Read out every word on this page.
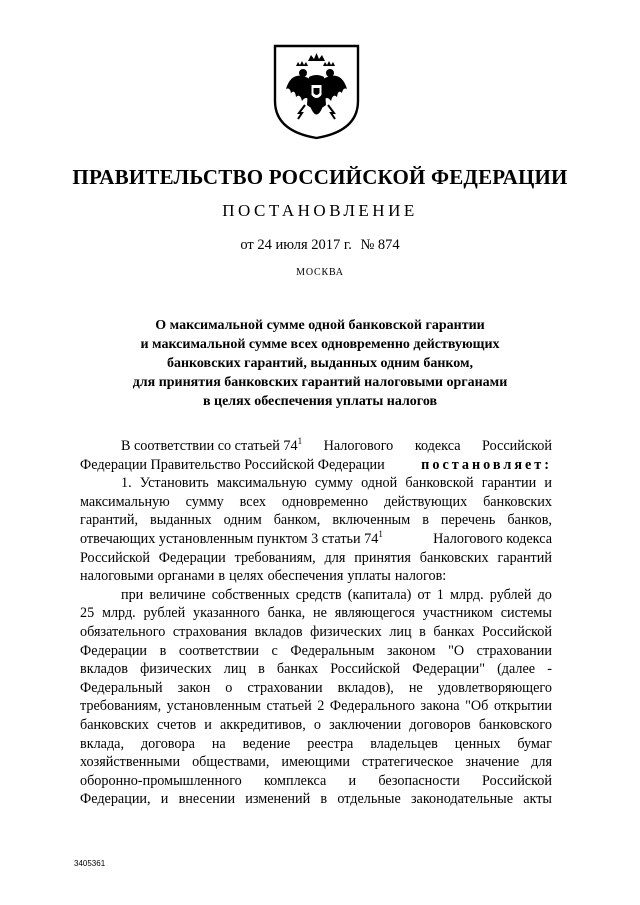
ПРАВИТЕЛЬСТВО РОССИЙСКОЙ ФЕДЕРАЦИИ
ПОСТАНОВЛЕНИЕ
от 24 июля 2017 г. № 874
МОСКВА
О максимальной сумме одной банковской гарантии
и максимальной сумме всех одновременно действующих
банковских гарантий, выданных одним банком,
для принятия банковских гарантий налоговыми органами
в целях обеспечения уплаты налогов
В соответствии со статьей $74^1$ Налогового кодекса Российской
Федерации Правительство Российской Федерации	постановляет:
1. Установить максимальную сумму одной банковской гарантии и
максимальную сумму всех одновременно действующих банковских
гарантий, выданных одним банком, включенным в перечень банков,
отвечающих установленным пунктом 3 статьи $74^1$	Налогового кодекса
Российской Федерации требованиям, для принятия банковских гарантий
налоговыми органами в целях обеспечения уплаты налогов:
при величине собственных средств (капитала) от 1 млрд. рублей до
25 млрд. рублей указанного банка, не являющегося участником системы
обязательного страхования вкладов физических лиц в банках Российской
Федерации в соответствии с Федеральным законом "О страховании
вкладов физических лиц в банках Российской Федерации" (далее -
Федеральный закон о страховании вкладов), не удовлетворяющего
требованиям, установленным статьей 2 Федерального закона "Об открытии
банковских счетов и аккредитивов, о заключении договоров банковского
вклада, договора на ведение реестра владельцев ценных бумаг
хозяйственными обществами, имеющими стратегическое значение для
оборонно-промышленного комплекса и безопасности Российской
Федерации, и внесении изменений в отдельные законодательные акты
3405361
